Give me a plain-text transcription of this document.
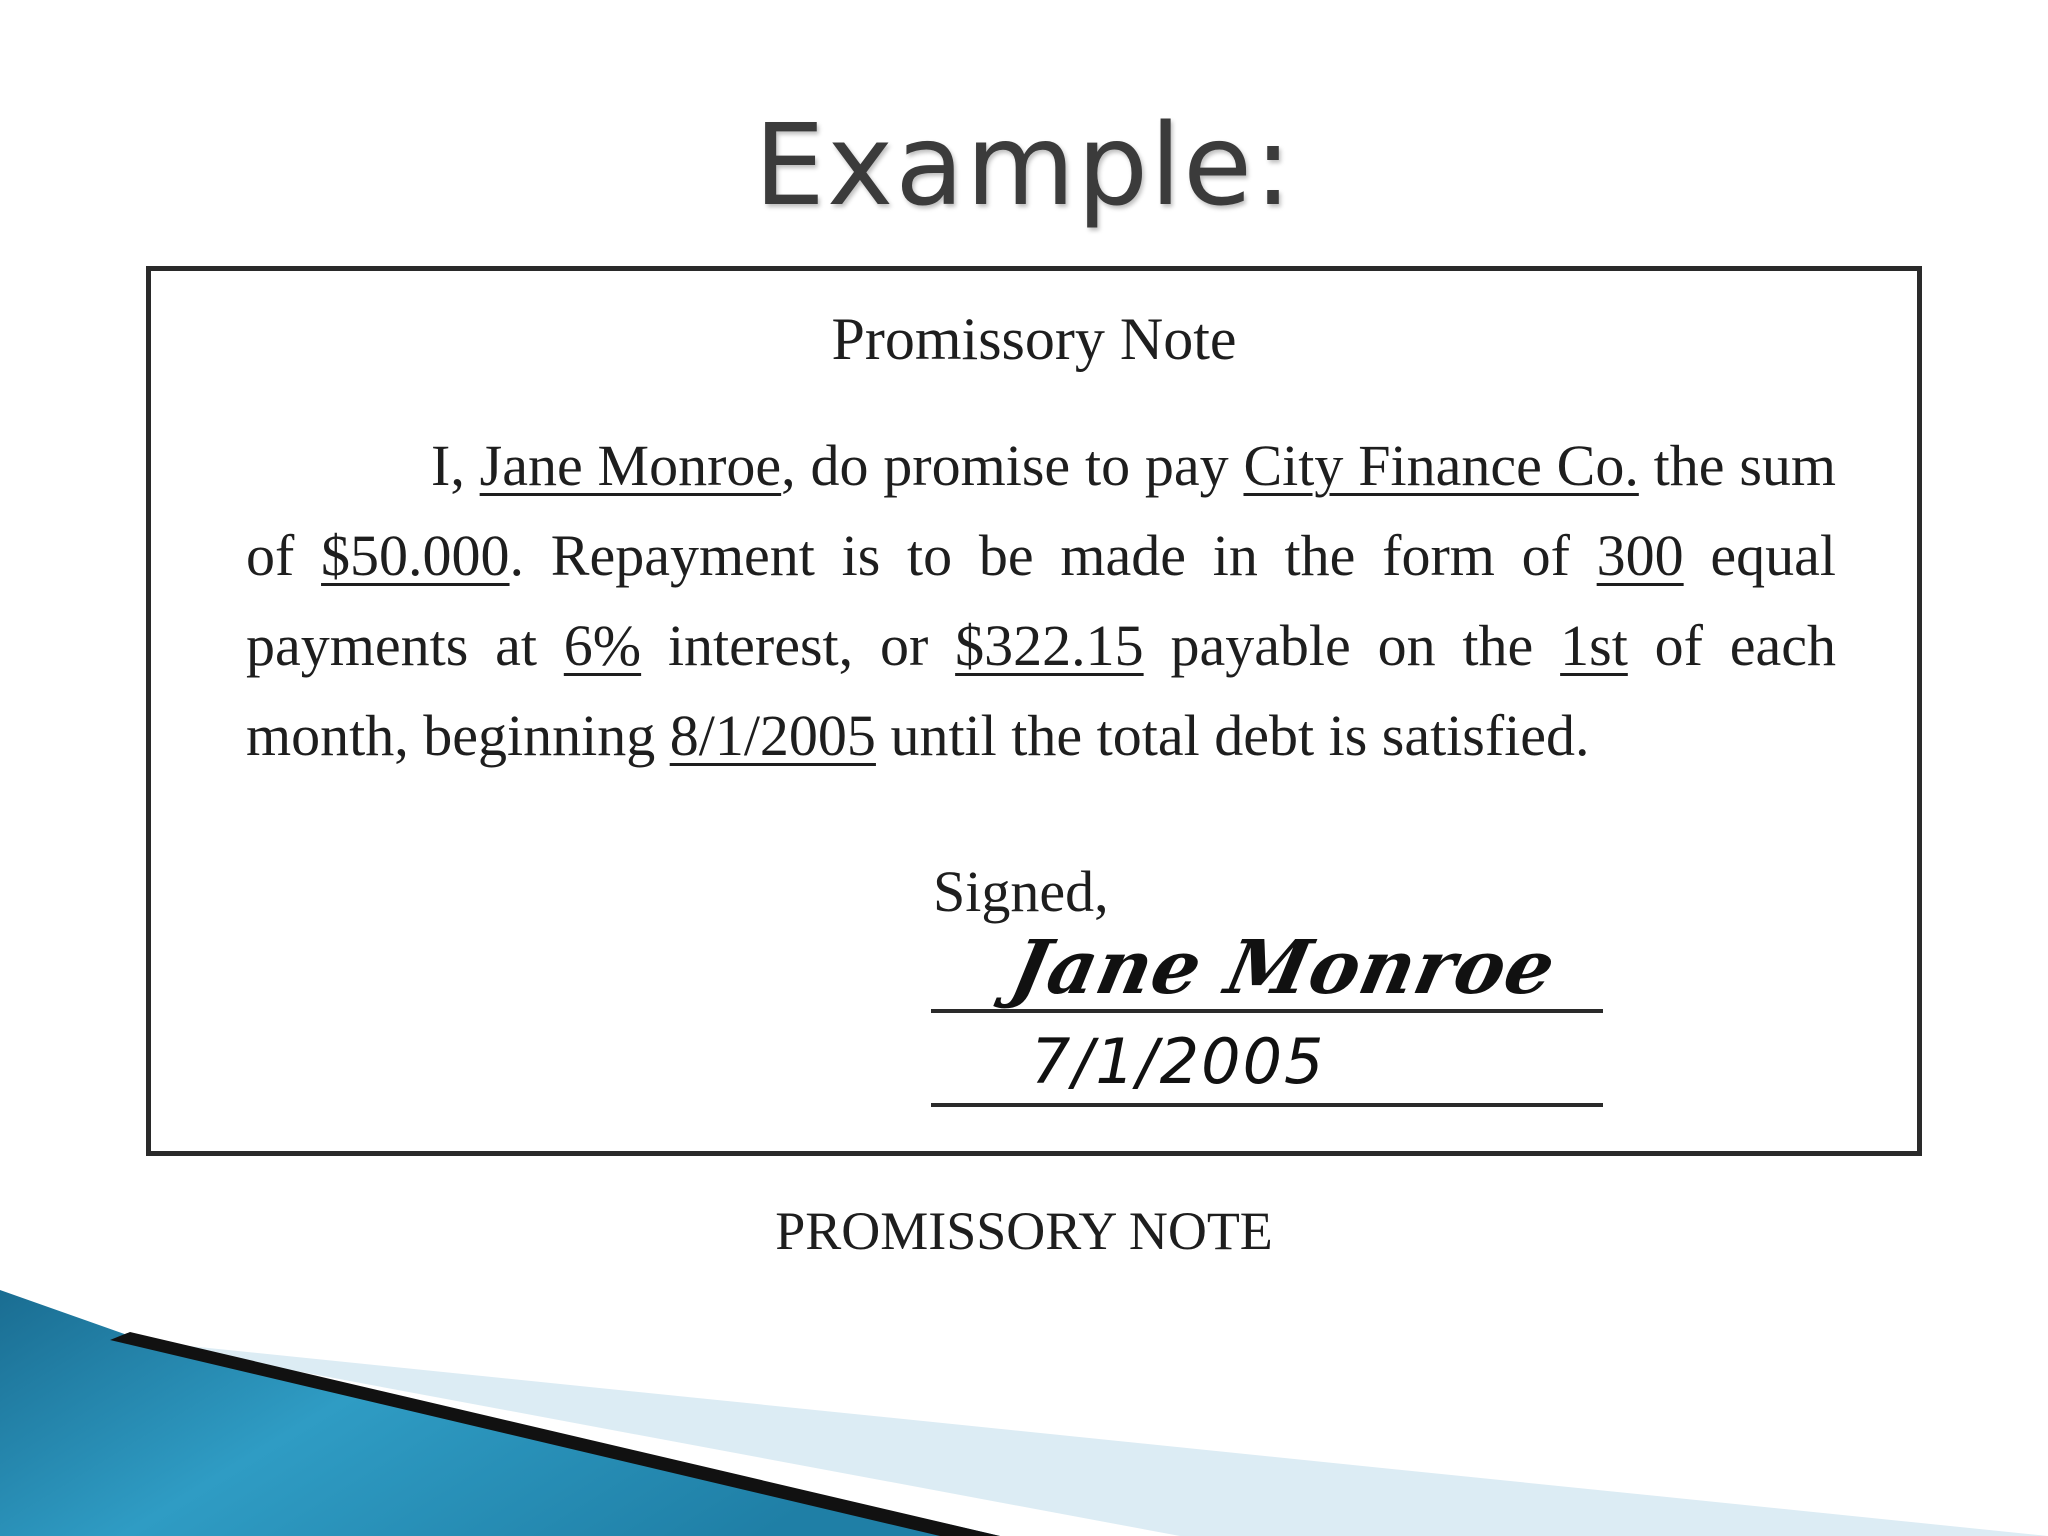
Example:
Promissory Note

I, Jane Monroe, do promise to pay City Finance Co. the sum of $50.000. Repayment is to be made in the form of 300 equal payments at 6% interest, or $322.15 payable on the 1st of each month, beginning 8/1/2005 until the total debt is satisfied.

Signed,
Jane Monroe
7/1/2005
PROMISSORY NOTE
